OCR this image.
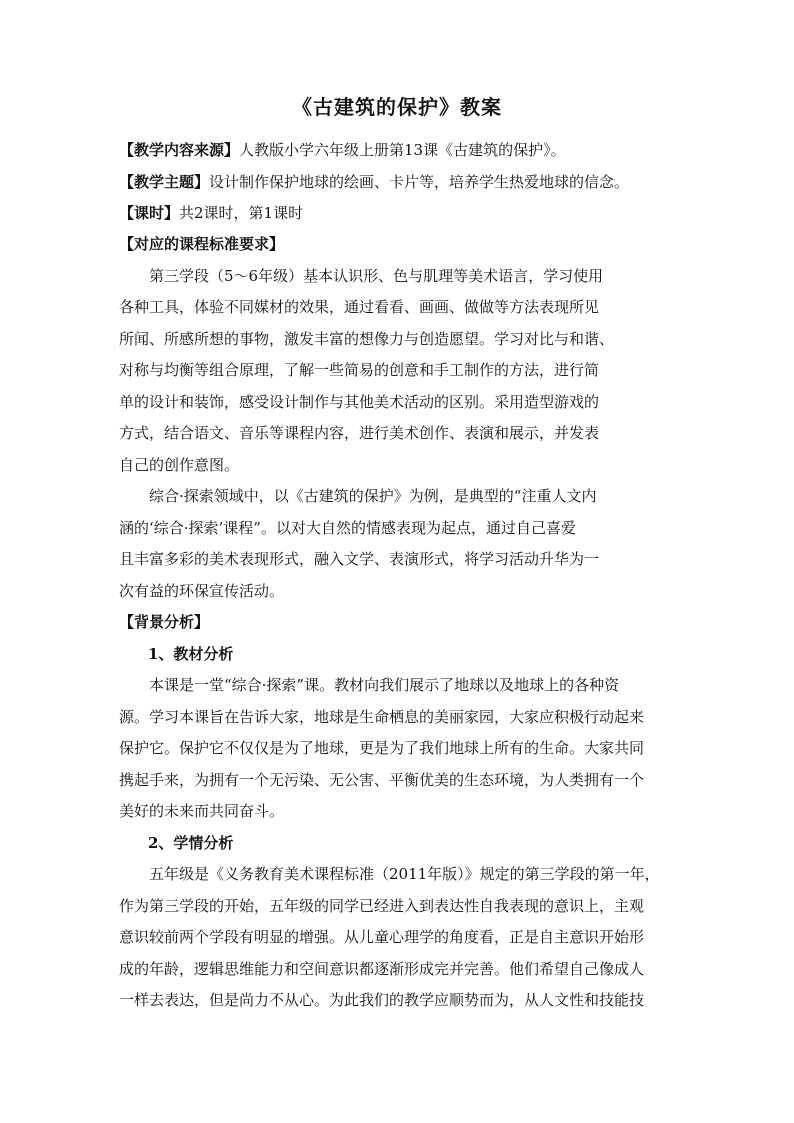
《古建筑的保护》教案
【教学内容来源】人教版小学六年级上册第13课《古建筑的保护》。
【教学主题】设计制作保护地球的绘画、卡片等，培养学生热爱地球的信念。
【课时】共2课时，第1课时
【对应的课程标准要求】
第三学段（5～6年级）基本认识形、色与肌理等美术语言，学习使用
各种工具，体验不同媒材的效果，通过看看、画画、做做等方法表现所见
所闻、所感所想的事物，激发丰富的想像力与创造愿望。学习对比与和谐、
对称与均衡等组合原理，了解一些简易的创意和手工制作的方法，进行简
单的设计和装饰，感受设计制作与其他美术活动的区别。采用造型游戏的
方式，结合语文、音乐等课程内容，进行美术创作、表演和展示，并发表
自己的创作意图。
综合·探索领域中，以《古建筑的保护》为例，是典型的“注重人文内
涵的‘综合·探索’课程”。以对大自然的情感表现为起点，通过自己喜爱
且丰富多彩的美术表现形式，融入文学、表演形式，将学习活动升华为一
次有益的环保宣传活动。
【背景分析】
1、教材分析
本课是一堂“综合·探索”课。教材向我们展示了地球以及地球上的各种资
源。学习本课旨在告诉大家，地球是生命栖息的美丽家园，大家应积极行动起来
保护它。保护它不仅仅是为了地球，更是为了我们地球上所有的生命。大家共同
携起手来，为拥有一个无污染、无公害、平衡优美的生态环境，为人类拥有一个
美好的未来而共同奋斗。
2、学情分析
五年级是《义务教育美术课程标准（2011年版）》规定的第三学段的第一年，
作为第三学段的开始，五年级的同学已经进入到表达性自我表现的意识上，主观
意识较前两个学段有明显的增强。从儿童心理学的角度看，正是自主意识开始形
成的年龄，逻辑思维能力和空间意识都逐渐形成完并完善。他们希望自己像成人
一样去表达，但是尚力不从心。为此我们的教学应顺势而为，从人文性和技能技
